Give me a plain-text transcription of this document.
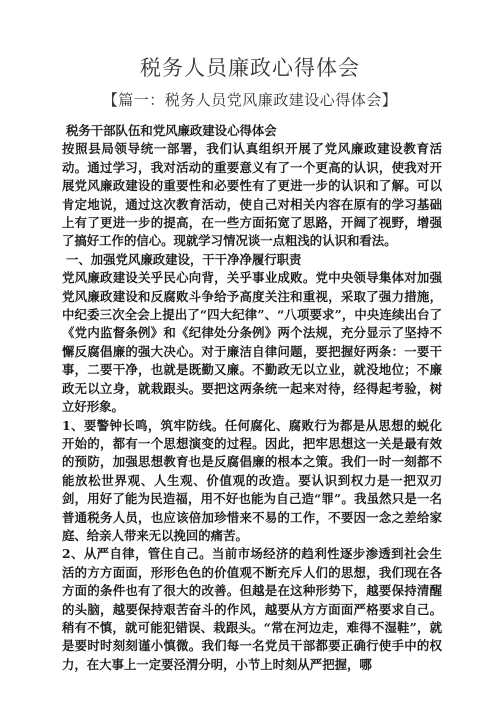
税务人员廉政心得体会
【篇一：税务人员党风廉政建设心得体会】

税务干部队伍和党风廉政建设心得体会

按照县局领导统一部署，我们认真组织开展了党风廉政建设教育活动。通过学习，我对活动的重要意义有了一个更高的认识，使我对开展党风廉政建设的重要性和必要性有了更进一步的认识和了解。可以肯定地说，通过这次教育活动，使自己对相关内容在原有的学习基础上有了更进一步的提高，在一些方面拓宽了思路，开阔了视野，增强了搞好工作的信心。现就学习情况谈一点粗浅的认识和看法。

一、加强党风廉政建设，干干净净履行职责

党风廉政建设关乎民心向背，关乎事业成败。党中央领导集体对加强党风廉政建设和反腐败斗争给予高度关注和重视，采取了强力措施，中纪委三次全会上提出了“四大纪律”、“八项要求”，中央连续出台了《党内监督条例》和《纪律处分条例》两个法规，充分显示了坚持不懈反腐倡廉的强大决心。对于廉洁自律问题，要把握好两条：一要干事，二要干净，也就是既勤又廉。不勤政无以立业，就没地位；不廉政无以立身，就栽跟头。要把这两条统一起来对待，经得起考验，树立好形象。

1、要警钟长鸣，筑牢防线。任何腐化、腐败行为都是从思想的蜕化开始的，都有一个思想演变的过程。因此，把牢思想这一关是最有效的预防，加强思想教育也是反腐倡廉的根本之策。我们一时一刻都不能放松世界观、人生观、价值观的改造。要认识到权力是一把双刃剑，用好了能为民造福，用不好也能为自己造“罪”。我虽然只是一名普通税务人员，也应该倍加珍惜来不易的工作，不要因一念之差给家庭、给亲人带来无以挽回的痛苦。

2、从严自律，管住自己。当前市场经济的趋利性逐步渗透到社会生活的方方面面，形形色色的价值观不断充斥人们的思想，我们现在各方面的条件也有了很大的改善。但越是在这种形势下，越要保持清醒的头脑，越要保持艰苦奋斗的作风，越要从方方面面严格要求自己。稍有不慎，就可能犯错误、栽跟头。“常在河边走，难得不湿鞋”，就是要时时刻刻谨小慎微。我们每一名党员干部都要正确行使手中的权力，在大事上一定要泾渭分明，小节上时刻从严把握，哪
